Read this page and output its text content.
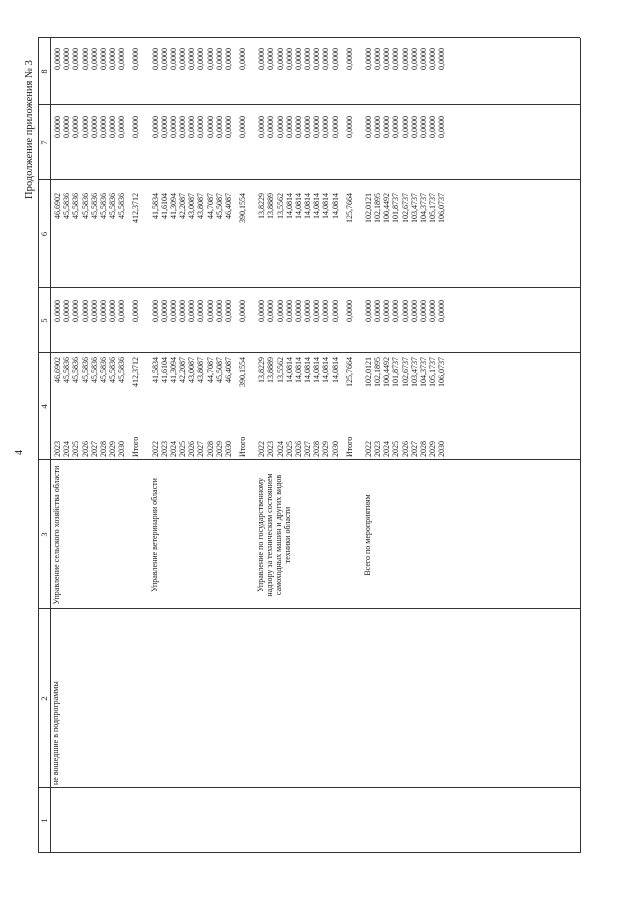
4
Продолжение приложения № 3
1
2
3
4
5
6
7
8
не вошедшие в подпрограммы
Управление сельского хозяйства области
2023
46,6902
0,0000
46,6902
0,0000
0,0000
2024
45,5836
0,0000
45,5836
0,0000
0,0000
2025
45,5836
0,0000
45,5836
0,0000
0,0000
2026
45,5836
0,0000
45,5836
0,0000
0,0000
2027
45,5836
0,0000
45,5836
0,0000
0,0000
2028
45,5836
0,0000
45,5836
0,0000
0,0000
2029
45,5836
0,0000
45,5836
0,0000
0,0000
2030
45,5836
0,0000
45,5836
0,0000
0,0000
Итого
412,3712
0,0000
412,3712
0,0000
0,0000
Управление ветеринарии области
2022
41,5834
0,0000
41,5834
0,0000
0,0000
2023
41,6104
0,0000
41,6104
0,0000
0,0000
2024
41,3094
0,0000
41,3094
0,0000
0,0000
2025
42,2087
0,0000
42,2087
0,0000
0,0000
2026
43,0087
0,0000
43,0087
0,0000
0,0000
2027
43,8087
0,0000
43,8087
0,0000
0,0000
2028
44,7087
0,0000
44,7087
0,0000
0,0000
2029
45,5087
0,0000
45,5087
0,0000
0,0000
2030
46,4087
0,0000
46,4087
0,0000
0,0000
Итого
390,1554
0,0000
390,1554
0,0000
0,0000
Управление по государственному надзору за техническим состоянием самоходных машин и других видов техники области
2022
13,8229
0,0000
13,8229
0,0000
0,0000
2023
13,8889
0,0000
13,8889
0,0000
0,0000
2024
13,5562
0,0000
13,5562
0,0000
0,0000
2025
14,0814
0,0000
14,0814
0,0000
0,0000
2026
14,0814
0,0000
14,0814
0,0000
0,0000
2027
14,0814
0,0000
14,0814
0,0000
0,0000
2028
14,0814
0,0000
14,0814
0,0000
0,0000
2029
14,0814
0,0000
14,0814
0,0000
0,0000
2030
14,0814
0,0000
14,0814
0,0000
0,0000
Итого
125,7664
0,0000
125,7664
0,0000
0,0000
Всего по мероприятиям
2022
102,0121
0,0000
102,0121
0,0000
0,0000
2023
102,1895
0,0000
102,1895
0,0000
0,0000
2024
100,4492
0,0000
100,4492
0,0000
0,0000
2025
101,8737
0,0000
101,8737
0,0000
0,0000
2026
102,6737
0,0000
102,6737
0,0000
0,0000
2027
103,4737
0,0000
103,4737
0,0000
0,0000
2028
104,3737
0,0000
104,3737
0,0000
0,0000
2029
105,1737
0,0000
105,1737
0,0000
0,0000
2030
106,0737
0,0000
106,0737
0,0000
0,0000
